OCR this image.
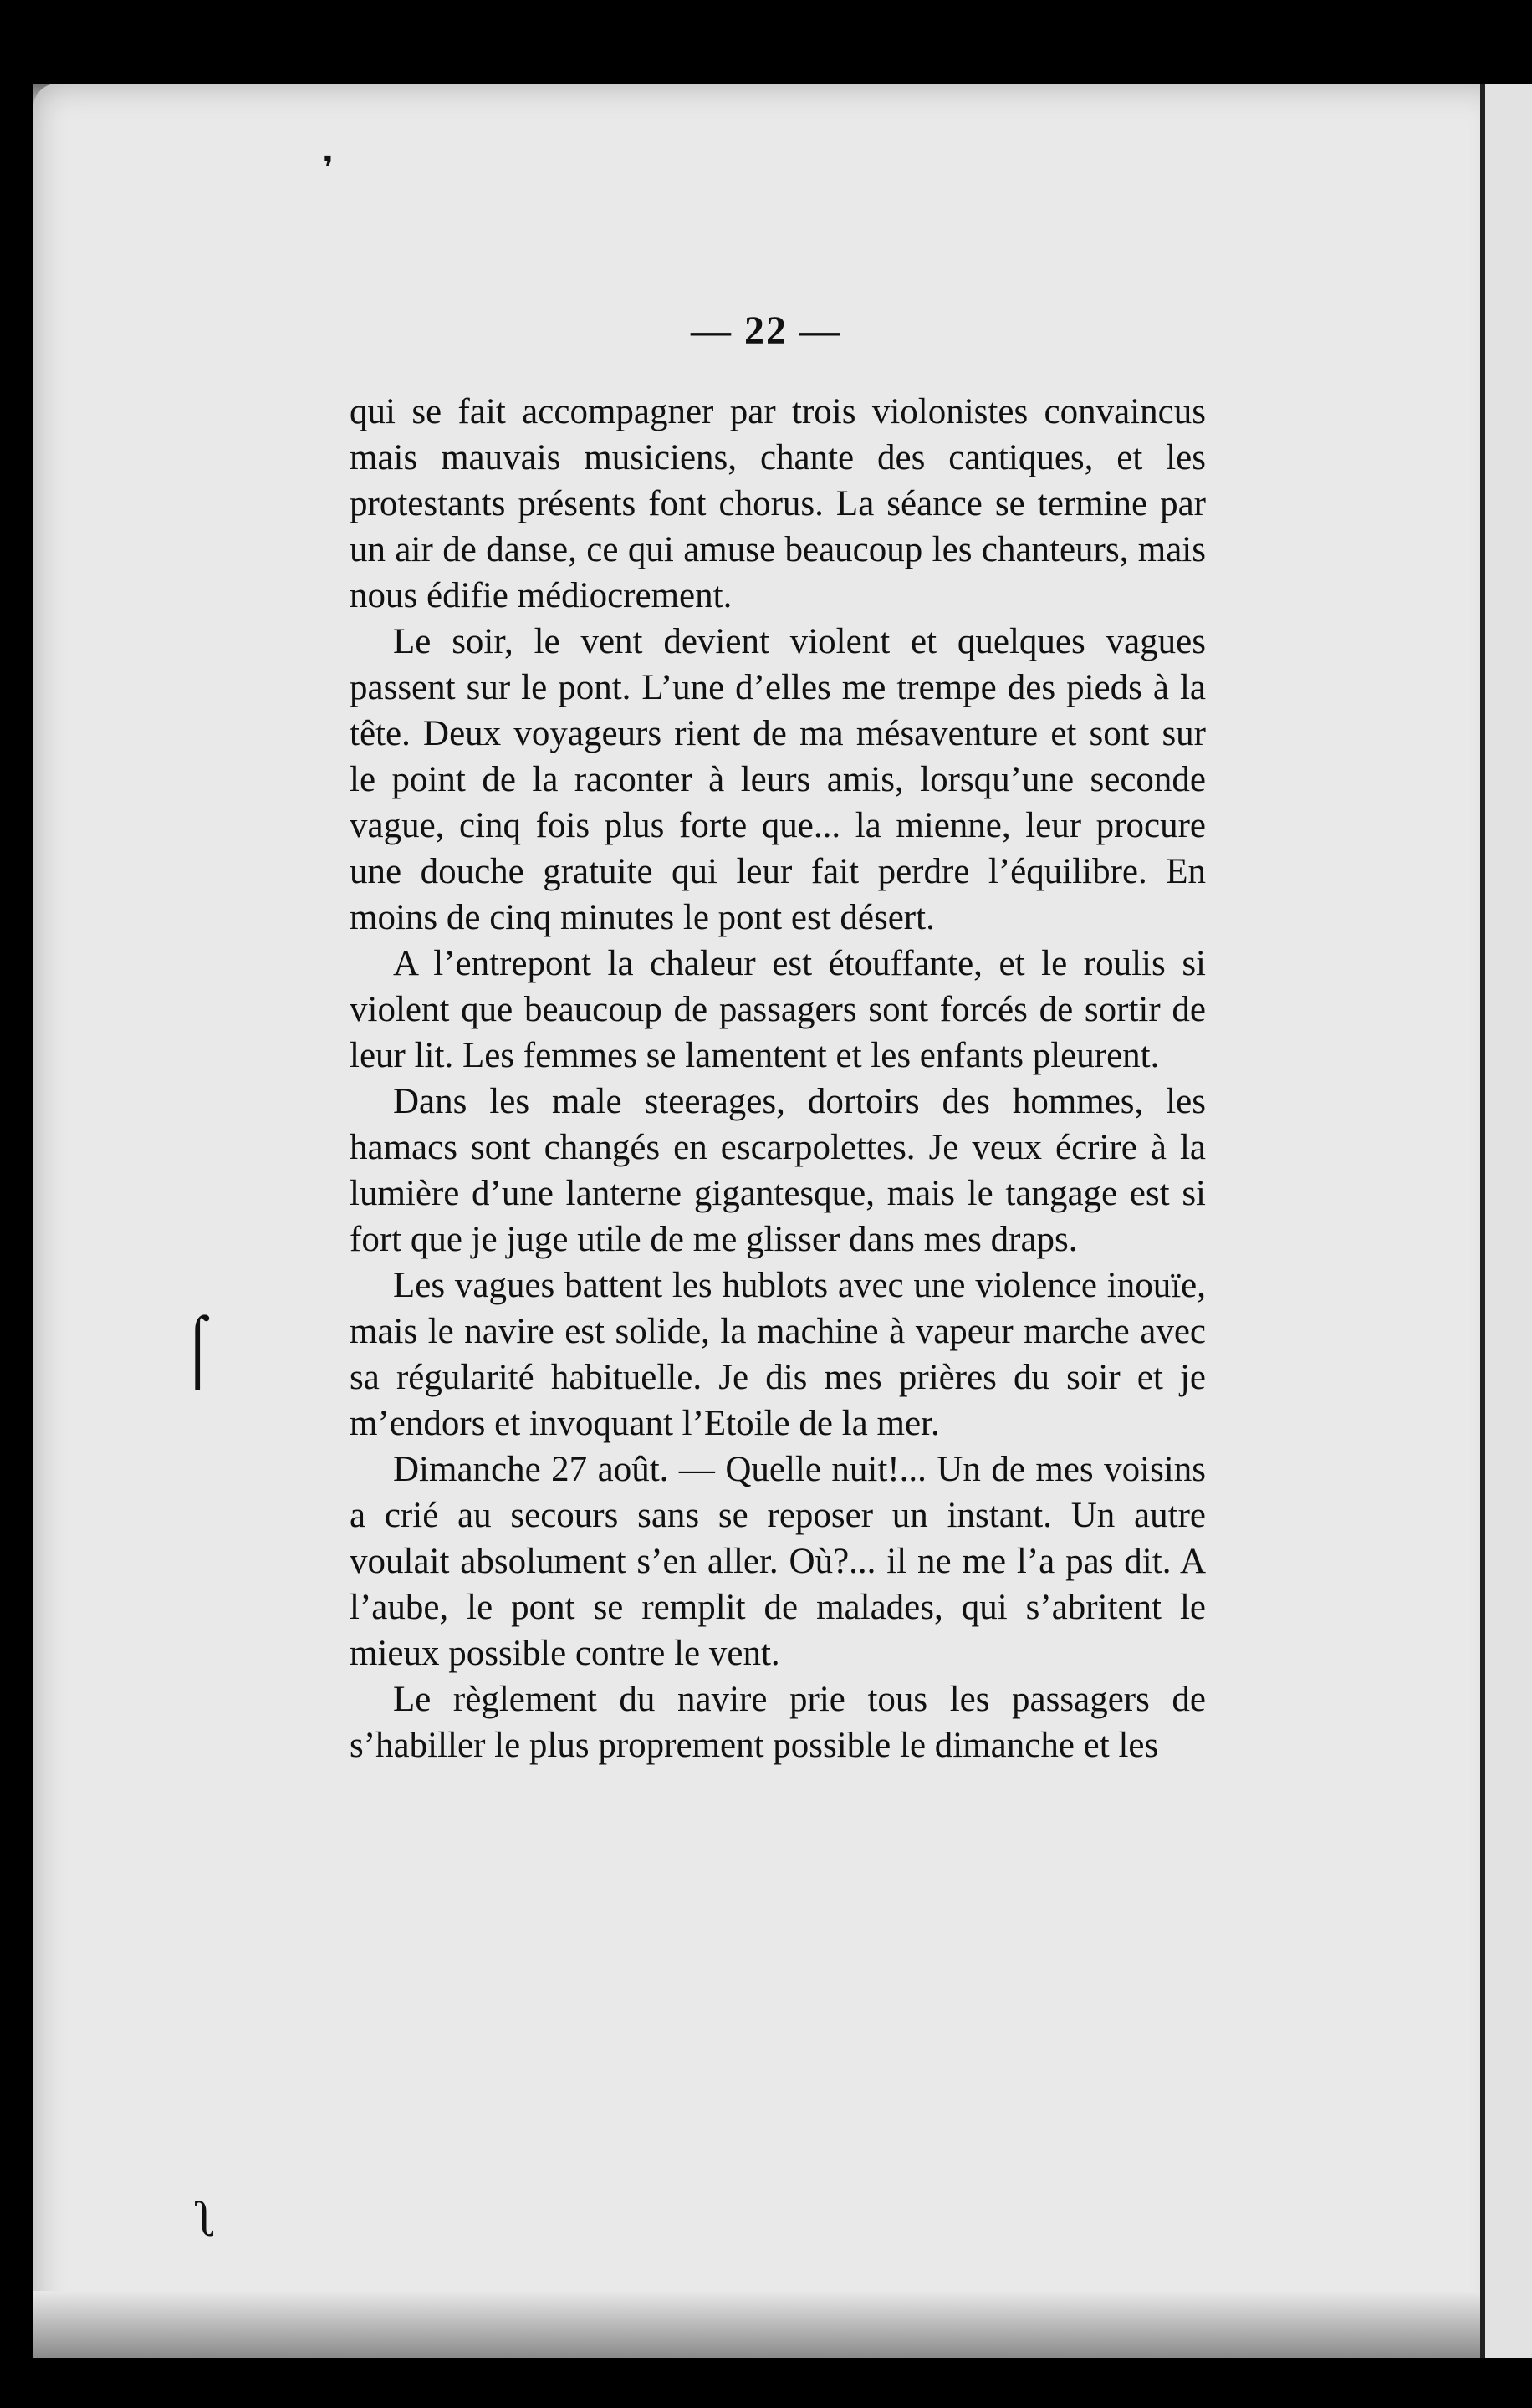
❜
⌠
ʅ
— 22 —

qui se fait accompagner par trois violonistes convaincus mais mauvais musiciens, chante des cantiques, et les protestants présents font chorus. La séance se termine par un air de danse, ce qui amuse beaucoup les chanteurs, mais nous édifie médiocrement.

Le soir, le vent devient violent et quelques vagues passent sur le pont. L’une d’elles me trempe des pieds à la tête. Deux voyageurs rient de ma mésaventure et sont sur le point de la raconter à leurs amis, lorsqu’une seconde vague, cinq fois plus forte que... la mienne, leur procure une douche gratuite qui leur fait perdre l’équilibre. En moins de cinq minutes le pont est désert.

A l’entrepont la chaleur est étouffante, et le roulis si violent que beaucoup de passagers sont forcés de sortir de leur lit. Les femmes se lamentent et les enfants pleurent.

Dans les male steerages, dortoirs des hommes, les hamacs sont changés en escarpolettes. Je veux écrire à la lumière d’une lanterne gigantesque, mais le tangage est si fort que je juge utile de me glisser dans mes draps.

Les vagues battent les hublots avec une violence inouïe, mais le navire est solide, la machine à vapeur marche avec sa régularité habituelle. Je dis mes prières du soir et je m’endors et invoquant l’Etoile de la mer.

Dimanche 27 août. — Quelle nuit!... Un de mes voisins a crié au secours sans se reposer un instant. Un autre voulait absolument s’en aller. Où?... il ne me l’a pas dit. A l’aube, le pont se remplit de malades, qui s’abritent le mieux possible contre le vent.

Le règlement du navire prie tous les passagers de s’habiller le plus proprement possible le dimanche et les
